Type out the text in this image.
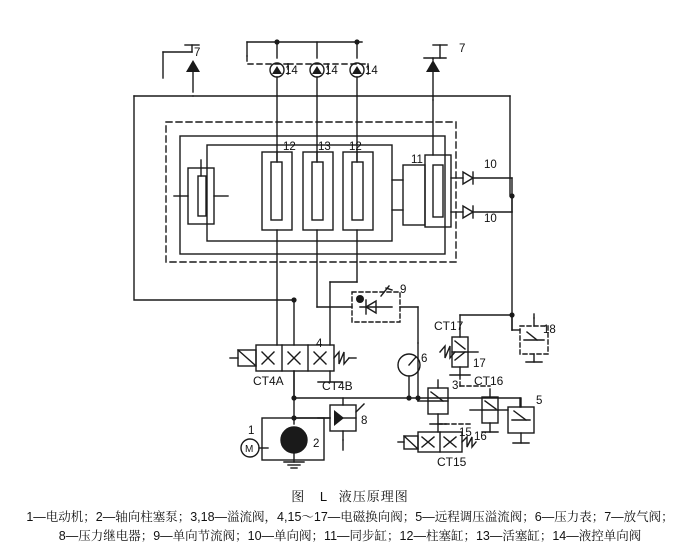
7	7
14 14 14
12 13 12
11	10
10
9
4
CT4A	CT4B
CT17
17
18
6
3 CT16
16
5
8
1
2
M
15
CT15
图 L 液压原理图
1—电动机；2—轴向柱塞泵；3,18—溢流阀，4,15～17—电磁换向阀；5—远程调压溢流阀；6—压力表；7—放气阀；
8—压力继电器；9—单向节流阀；10—单向阀；11—同步缸；12—柱塞缸；13—活塞缸；14—液控单向阀
